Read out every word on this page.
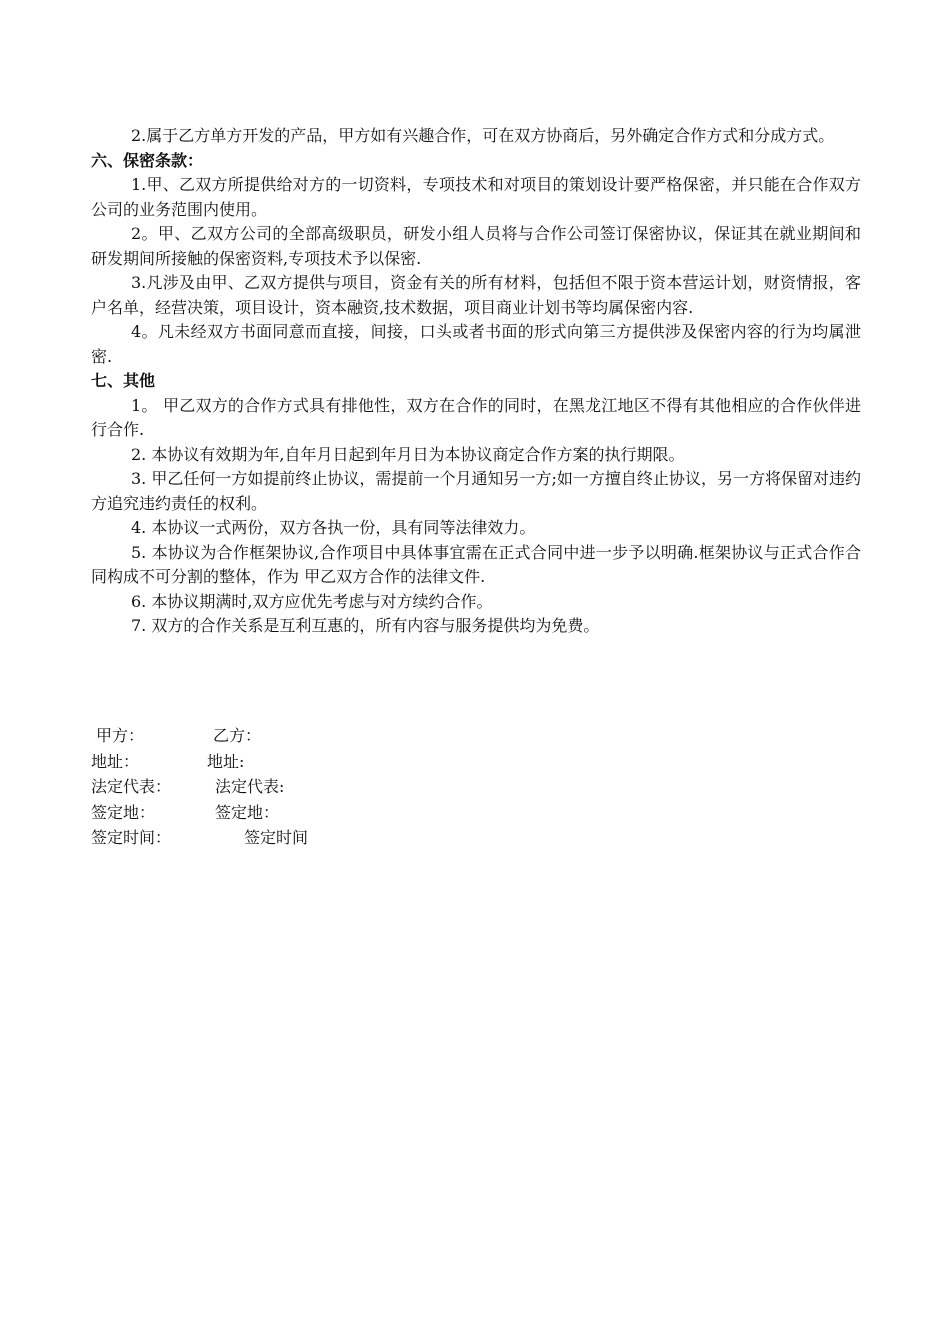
2.属于乙方单方开发的产品，甲方如有兴趣合作，可在双方协商后，另外确定合作方式和分成方式。

六、保密条款：

1.甲、乙双方所提供给对方的一切资料，专项技术和对项目的策划设计要严格保密，并只能在合作双方公司的业务范围内使用。

2。甲、乙双方公司的全部高级职员，研发小组人员将与合作公司签订保密协议，保证其在就业期间和研发期间所接触的保密资料,专项技术予以保密.

3.凡涉及由甲、乙双方提供与项目，资金有关的所有材料，包括但不限于资本营运计划，财资情报，客户名单，经营决策，项目设计，资本融资,技术数据，项目商业计划书等均属保密内容.

4。凡未经双方书面同意而直接，间接，口头或者书面的形式向第三方提供涉及保密内容的行为均属泄密.

七、其他

1。 甲乙双方的合作方式具有排他性，双方在合作的同时，在黑龙江地区不得有其他相应的合作伙伴进行合作.

2. 本协议有效期为年,自年月日起到年月日为本协议商定合作方案的执行期限。

3. 甲乙任何一方如提前终止协议，需提前一个月通知另一方;如一方擅自终止协议，另一方将保留对违约方追究违约责任的权利。

4. 本协议一式两份，双方各执一份，具有同等法律效力。

5. 本协议为合作框架协议,合作项目中具体事宜需在正式合同中进一步予以明确.框架协议与正式合作合同构成不可分割的整体，作为 甲乙双方合作的法律文件.

6. 本协议期满时,双方应优先考虑与对方续约合作。

7. 双方的合作关系是互利互惠的，所有内容与服务提供均为免费。

甲方：	乙方：
地址：	地址:
法定代表：	法定代表:
签定地：	签定地：
签定时间：	签定时间
